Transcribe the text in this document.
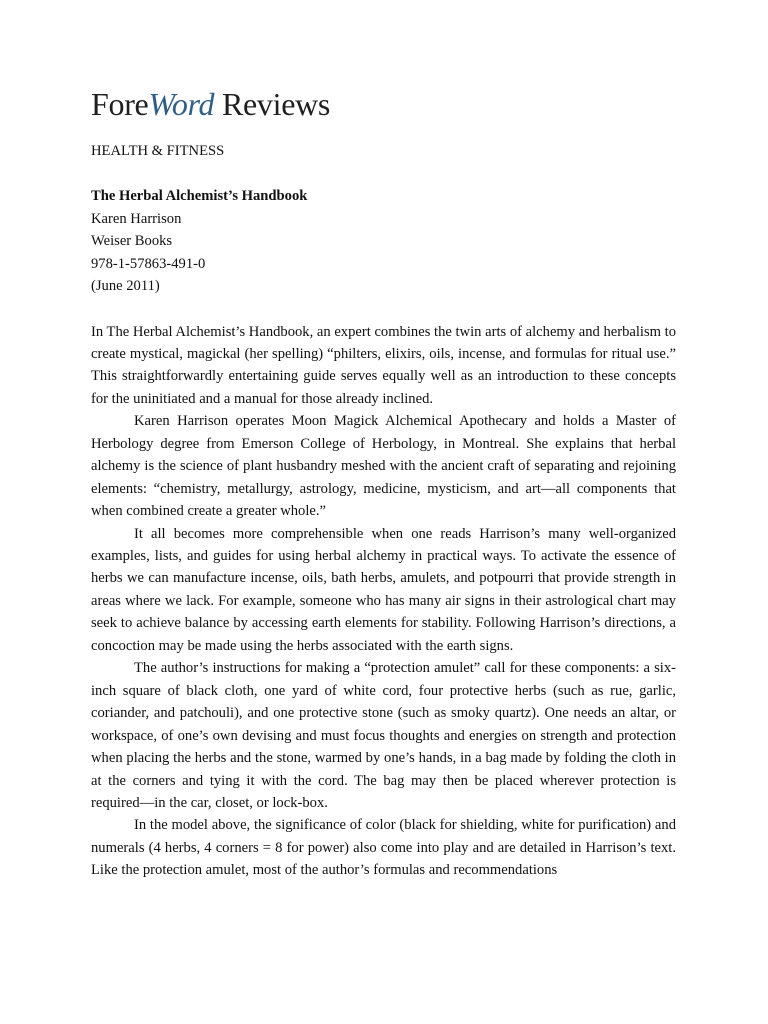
ForeWord Reviews
HEALTH & FITNESS
The Herbal Alchemist’s Handbook
Karen Harrison
Weiser Books
978-1-57863-491-0
(June 2011)

In The Herbal Alchemist’s Handbook, an expert combines the twin arts of alchemy and herbalism to create mystical, magickal (her spelling) “philters, elixirs, oils, incense, and formulas for ritual use.” This straightforwardly entertaining guide serves equally well as an introduction to these concepts for the uninitiated and a manual for those already inclined.

Karen Harrison operates Moon Magick Alchemical Apothecary and holds a Master of Herbology degree from Emerson College of Herbology, in Montreal. She explains that herbal alchemy is the science of plant husbandry meshed with the ancient craft of separating and rejoining elements: “chemistry, metallurgy, astrology, medicine, mysticism, and art—all components that when combined create a greater whole.”

It all becomes more comprehensible when one reads Harrison’s many well-organized examples, lists, and guides for using herbal alchemy in practical ways. To activate the essence of herbs we can manufacture incense, oils, bath herbs, amulets, and potpourri that provide strength in areas where we lack. For example, someone who has many air signs in their astrological chart may seek to achieve balance by accessing earth elements for stability. Following Harrison’s directions, a concoction may be made using the herbs associated with the earth signs.

The author’s instructions for making a “protection amulet” call for these components: a six-inch square of black cloth, one yard of white cord, four protective herbs (such as rue, garlic, coriander, and patchouli), and one protective stone (such as smoky quartz). One needs an altar, or workspace, of one’s own devising and must focus thoughts and energies on strength and protection when placing the herbs and the stone, warmed by one’s hands, in a bag made by folding the cloth in at the corners and tying it with the cord. The bag may then be placed wherever protection is required—in the car, closet, or lock-box.

In the model above, the significance of color (black for shielding, white for purification) and numerals (4 herbs, 4 corners = 8 for power) also come into play and are detailed in Harrison’s text. Like the protection amulet, most of the author’s formulas and recommendations
